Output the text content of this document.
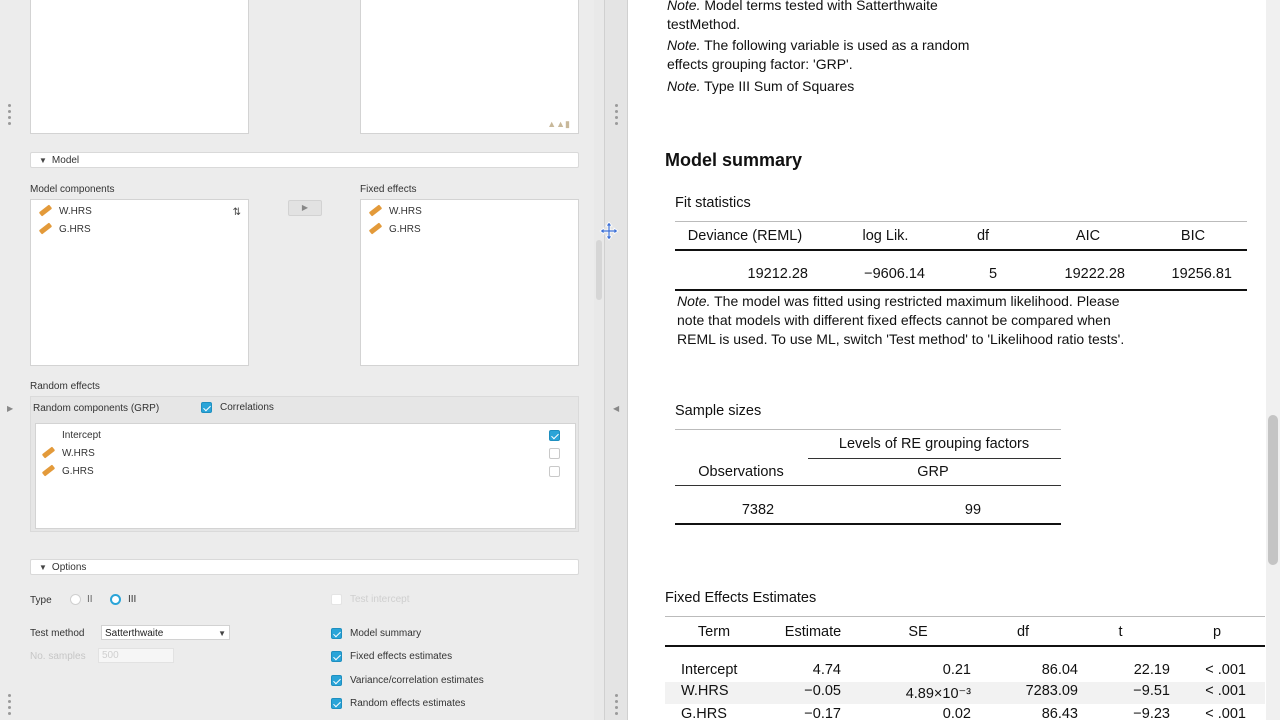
▶
▲▲▮
▼ Model
Model components	Fixed effects
W.HRS
G.HRS
⇅	▶	W.HRS
G.HRS
Random effects
Random components (GRP)	Correlations
Intercept
W.HRS
G.HRS
▼ Options
Type	II	III	Test intercept
Test method	Satterthwaite	▼
No. samples	500
Model summary
Fixed effects estimates
Variance/correlation estimates
Random effects estimates
◀
Note. Model terms tested with Satterthwaite
testMethod.
Note. The following variable is used as a random
effects grouping factor: 'GRP'.
Note. Type III Sum of Squares
Model summary
Fit statistics
Deviance (REML)	log Lik.	df	AIC	BIC
19212.28	−9606.14	5	19222.28	19256.81
Note. The model was fitted using restricted maximum likelihood. Please
note that models with different fixed effects cannot be compared when
REML is used. To use ML, switch 'Test method' to 'Likelihood ratio tests'.
Sample sizes
Levels of RE grouping factors
Observations	GRP
7382	99
Fixed Effects Estimates
Term	Estimate	SE	df	t	p
Intercept	4.74	0.21	86.04	22.19	< .001
W.HRS	−0.05	4.89×10⁻³	7283.09	−9.51	< .001
G.HRS	−0.17	0.02	86.43	−9.23	< .001
